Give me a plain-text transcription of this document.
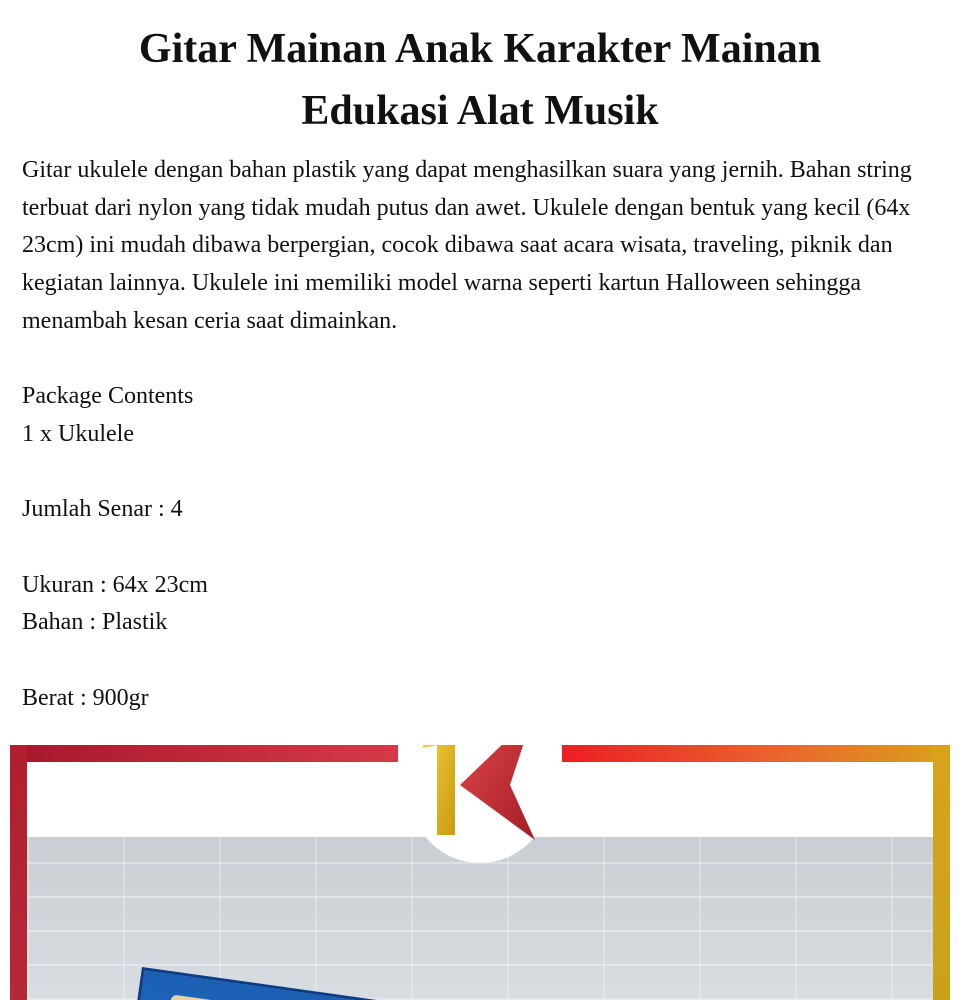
Gitar Mainan Anak Karakter Mainan Edukasi Alat Musik

Gitar ukulele dengan bahan plastik yang dapat menghasilkan suara yang jernih. Bahan string terbuat dari nylon yang tidak mudah putus dan awet. Ukulele dengan bentuk yang kecil (64x 23cm) ini mudah dibawa berpergian, cocok dibawa saat acara wisata, traveling, piknik dan kegiatan lainnya. Ukulele ini memiliki model warna seperti kartun Halloween sehingga menambah kesan ceria saat dimainkan.

Package Contents

1 x Ukulele

Jumlah Senar : 4

Ukuran : 64x 23cm

Bahan : Plastik

Berat : 900gr
